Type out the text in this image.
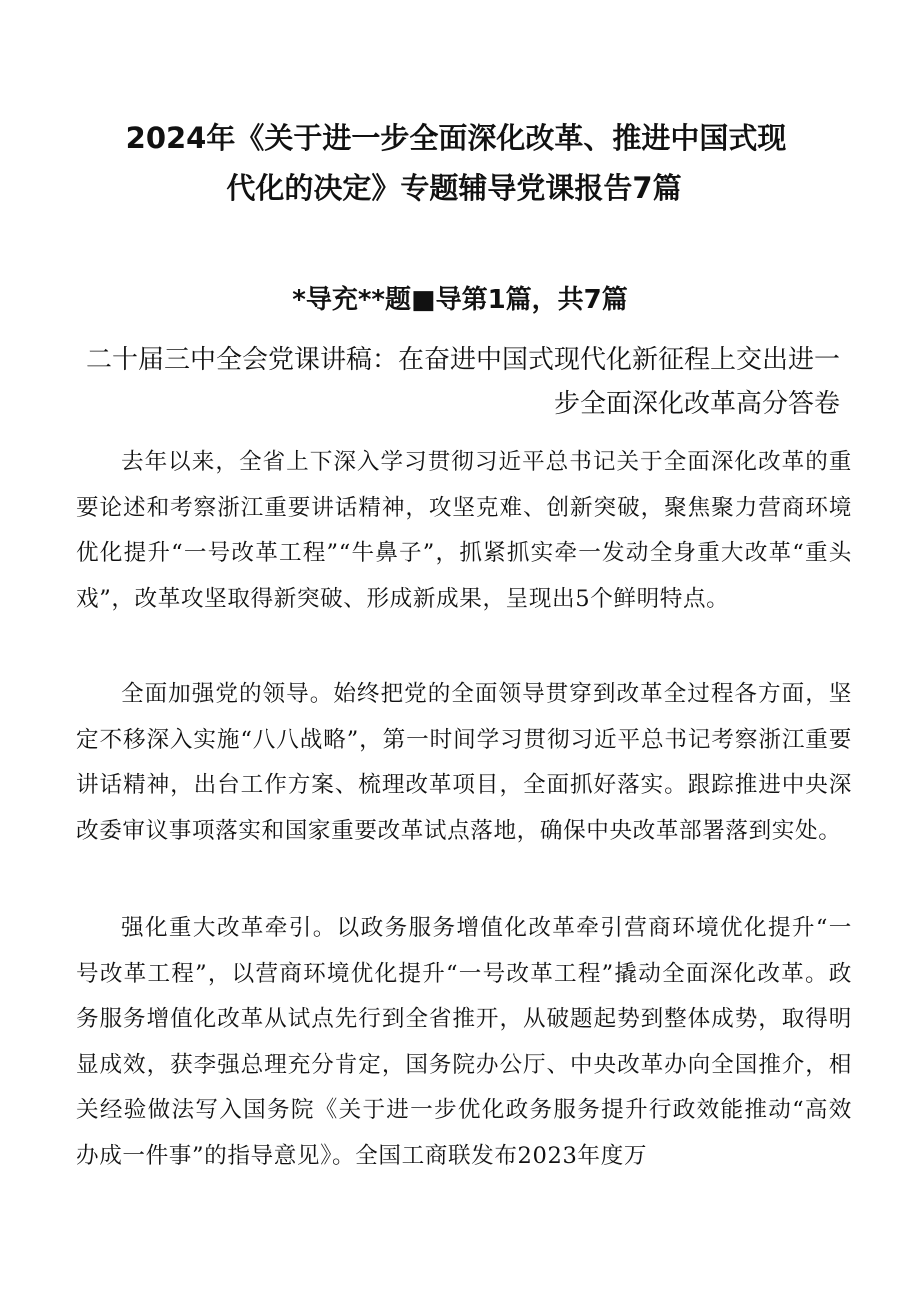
2024年《关于进一步全面深化改革、推进中国式现
代化的决定》专题辅导党课报告7篇
*导充**题■导第1篇，共7篇
二十届三中全会党课讲稿：在奋进中国式现代化新征程上交出进一
步全面深化改革高分答卷

去年以来，全省上下深入学习贯彻习近平总书记关于全面深化改革的重要论述和考察浙江重要讲话精神，攻坚克难、创新突破，聚焦聚力营商环境优化提升“一号改革工程”“牛鼻子”，抓紧抓实牵一发动全身重大改革“重头戏”，改革攻坚取得新突破、形成新成果，呈现出5个鲜明特点。

全面加强党的领导。始终把党的全面领导贯穿到改革全过程各方面，坚定不移深入实施“八八战略”，第一时间学习贯彻习近平总书记考察浙江重要讲话精神，出台工作方案、梳理改革项目，全面抓好落实。跟踪推进中央深改委审议事项落实和国家重要改革试点落地，确保中央改革部署落到实处。

强化重大改革牵引。以政务服务增值化改革牵引营商环境优化提升“一号改革工程”，以营商环境优化提升“一号改革工程”撬动全面深化改革。政务服务增值化改革从试点先行到全省推开，从破题起势到整体成势，取得明显成效，获李强总理充分肯定，国务院办公厅、中央改革办向全国推介，相关经验做法写入国务院《关于进一步优化政务服务提升行政效能推动“高效办成一件事”的指导意见》。全国工商联发布2023年度万
